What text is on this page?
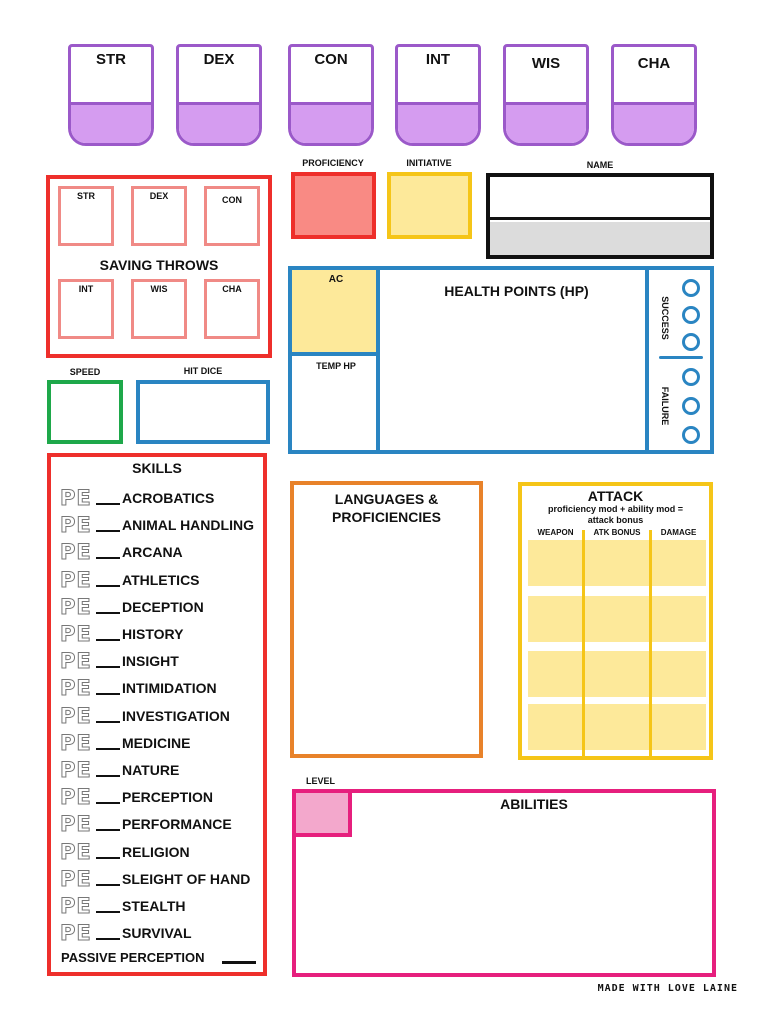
STR	DEX	CON	INT	WIS	CHA
STR	DEX	CON
SAVING THROWS
INT	WIS	CHA
PROFICIENCY	INITIATIVE	NAME
AC
TEMP HP
HEALTH POINTS (HP)
SUCCESS
FAILURE
SPEED	HIT DICE
SKILLS
PE	ACROBATICS
PE	ANIMAL HANDLING
PE	ARCANA
PE	ATHLETICS
PE	DECEPTION
PE	HISTORY
PE	INSIGHT
PE	INTIMIDATION
PE	INVESTIGATION
PE	MEDICINE
PE	NATURE
PE	PERCEPTION
PE	PERFORMANCE
PE	RELIGION
PE	SLEIGHT OF HAND
PE	STEALTH
PE	SURVIVAL
PASSIVE PERCEPTION
LANGUAGES &
PROFICIENCIES
ATTACK
proficiency mod + ability mod =
attack bonus
WEAPON	ATK BONUS	DAMAGE
LEVEL
ABILITIES
MADE WITH LOVE LAINE
